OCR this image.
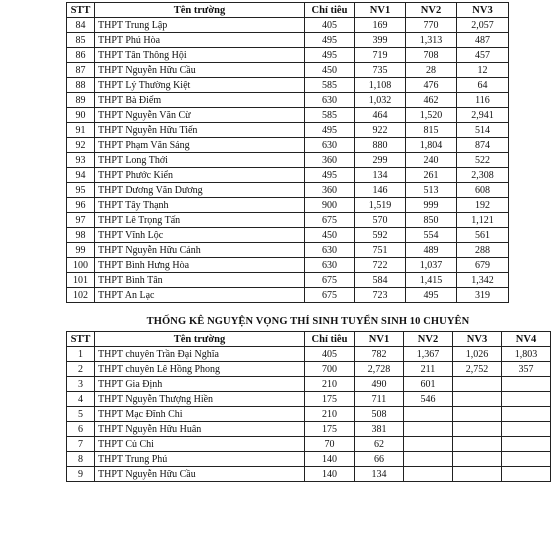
STT	Tên trường	Chỉ tiêu	NV1	NV2	NV3
84	THPT Trung Lập	405	169	770	2,057
85	THPT Phú Hòa	495	399	1,313	487
86	THPT Tân Thông Hội	495	719	708	457
87	THPT Nguyễn Hữu Cầu	450	735	28	12
88	THPT Lý Thường Kiệt	585	1,108	476	64
89	THPT Bà Điểm	630	1,032	462	116
90	THPT Nguyễn Văn Cừ	585	464	1,520	2,941
91	THPT Nguyễn Hữu Tiến	495	922	815	514
92	THPT Phạm Văn Sáng	630	880	1,804	874
93	THPT Long Thới	360	299	240	522
94	THPT Phước Kiển	495	134	261	2,308
95	THPT Dương Văn Dương	360	146	513	608
96	THPT Tây Thạnh	900	1,519	999	192
97	THPT Lê Trọng Tấn	675	570	850	1,121
98	THPT Vĩnh Lộc	450	592	554	561
99	THPT Nguyễn Hữu Cảnh	630	751	489	288
100	THPT Bình Hưng Hòa	630	722	1,037	679
101	THPT Bình Tân	675	584	1,415	1,342
102	THPT An Lạc	675	723	495	319
THỐNG KÊ NGUYỆN VỌNG THÍ SINH TUYỂN SINH 10 CHUYÊN
STT	Tên trường	Chỉ tiêu	NV1	NV2	NV3	NV4
1	THPT chuyên Trần Đại Nghĩa	405	782	1,367	1,026	1,803
2	THPT chuyên Lê Hồng Phong	700	2,728	211	2,752	357
3	THPT Gia Định	210	490	601		
4	THPT Nguyễn Thượng Hiền	175	711	546		
5	THPT Mạc Đĩnh Chi	210	508			
6	THPT Nguyễn Hữu Huân	175	381			
7	THPT Củ Chi	70	62			
8	THPT Trung Phú	140	66			
9	THPT Nguyễn Hữu Cầu	140	134			
